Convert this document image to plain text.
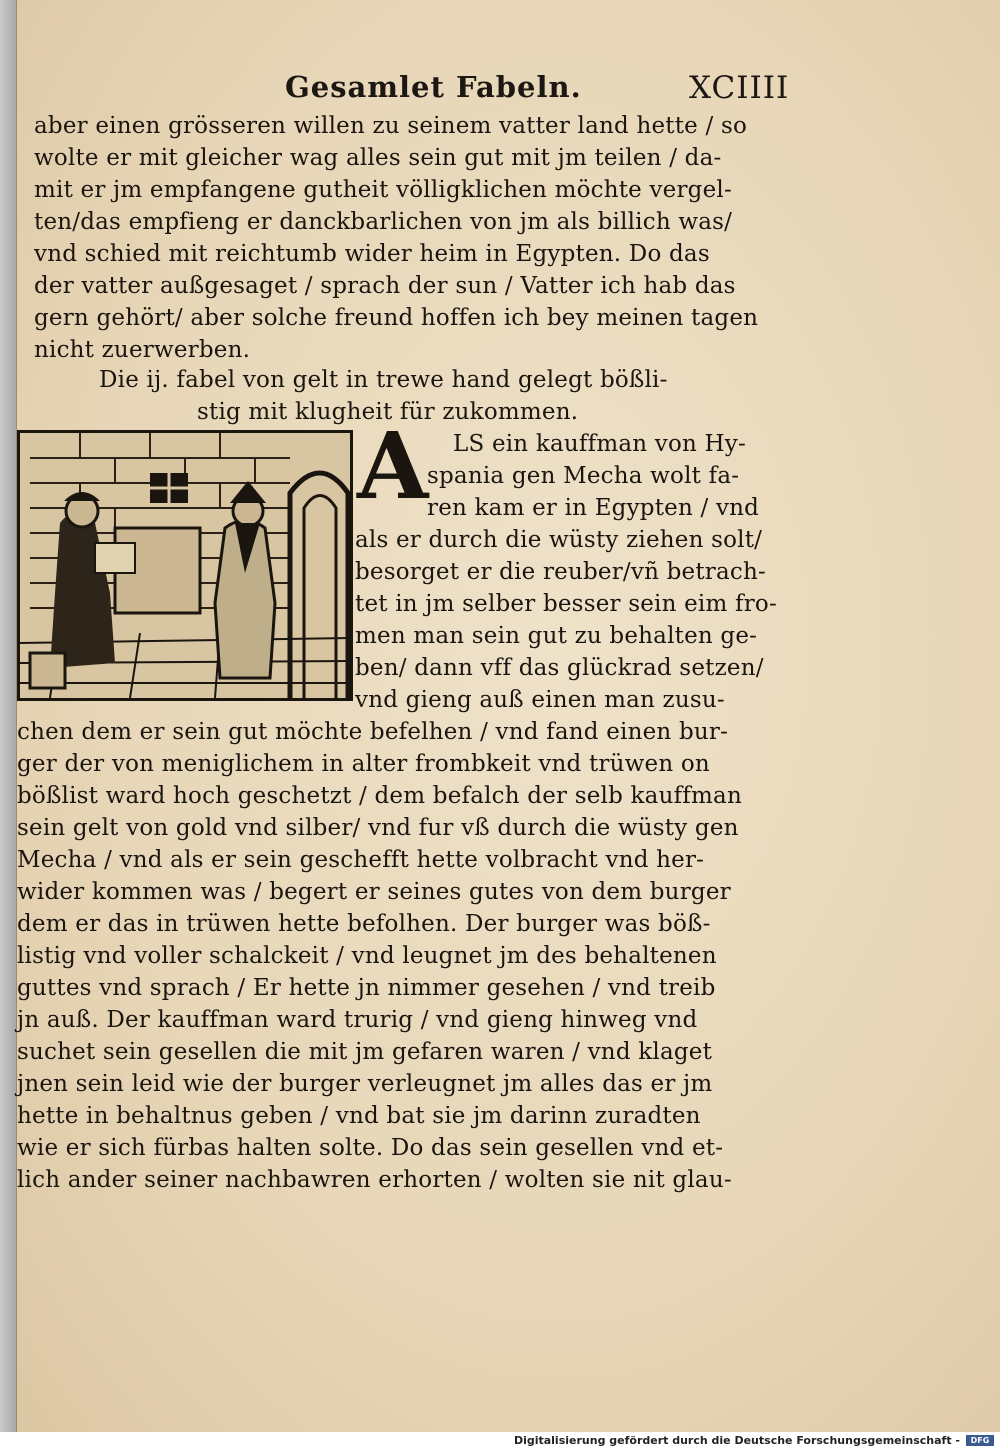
Gesamlet Fabeln.	XCIIII
aber einen grösseren willen zu seinem vatter land hette / so
wolte er mit gleicher wag alles sein gut mit jm teilen / da-
mit er jm empfangene gutheit völligklichen möchte vergel-
ten/das empfieng er danckbarlichen von jm als billich was/
vnd schied mit reichtumb wider heim in Egypten. Do das
der vatter außgesaget / sprach der sun / Vatter ich hab das
gern gehört/ aber solche freund hoffen ich bey meinen tagen
nicht zuerwerben.
Die ij. fabel von gelt in trewe hand gelegt bößli-
stig mit klugheit für zukommen.
A LS ein kauffman von Hy-
spania gen Mecha wolt fa-
ren kam er in Egypten / vnd
als er durch die wüsty ziehen solt/
besorget er die reuber/vñ betrach-
tet in jm selber besser sein eim fro-
men man sein gut zu behalten ge-
ben/ dann vff das glückrad setzen/
vnd gieng auß einen man zusu-
chen dem er sein gut möchte befelhen / vnd fand einen bur-
ger der von meniglichem in alter frombkeit vnd trüwen on
bößlist ward hoch geschetzt / dem befalch der selb kauffman
sein gelt von gold vnd silber/ vnd fur vß durch die wüsty gen
Mecha / vnd als er sein geschefft hette volbracht vnd her-
wider kommen was / begert er seines gutes von dem burger
dem er das in trüwen hette befolhen. Der burger was böß-
listig vnd voller schalckeit / vnd leugnet jm des behaltenen
guttes vnd sprach / Er hette jn nimmer gesehen / vnd treib
jn auß. Der kauffman ward trurig / vnd gieng hinweg vnd
suchet sein gesellen die mit jm gefaren waren / vnd klaget
jnen sein leid wie der burger verleugnet jm alles das er jm
hette in behaltnus geben / vnd bat sie jm darinn zuradten
wie er sich fürbas halten solte. Do das sein gesellen vnd et-
lich ander seiner nachbawren erhorten / wolten sie nit glau-
Digitalisierung gefördert durch die Deutsche Forschungsgemeinschaft -	DFG
